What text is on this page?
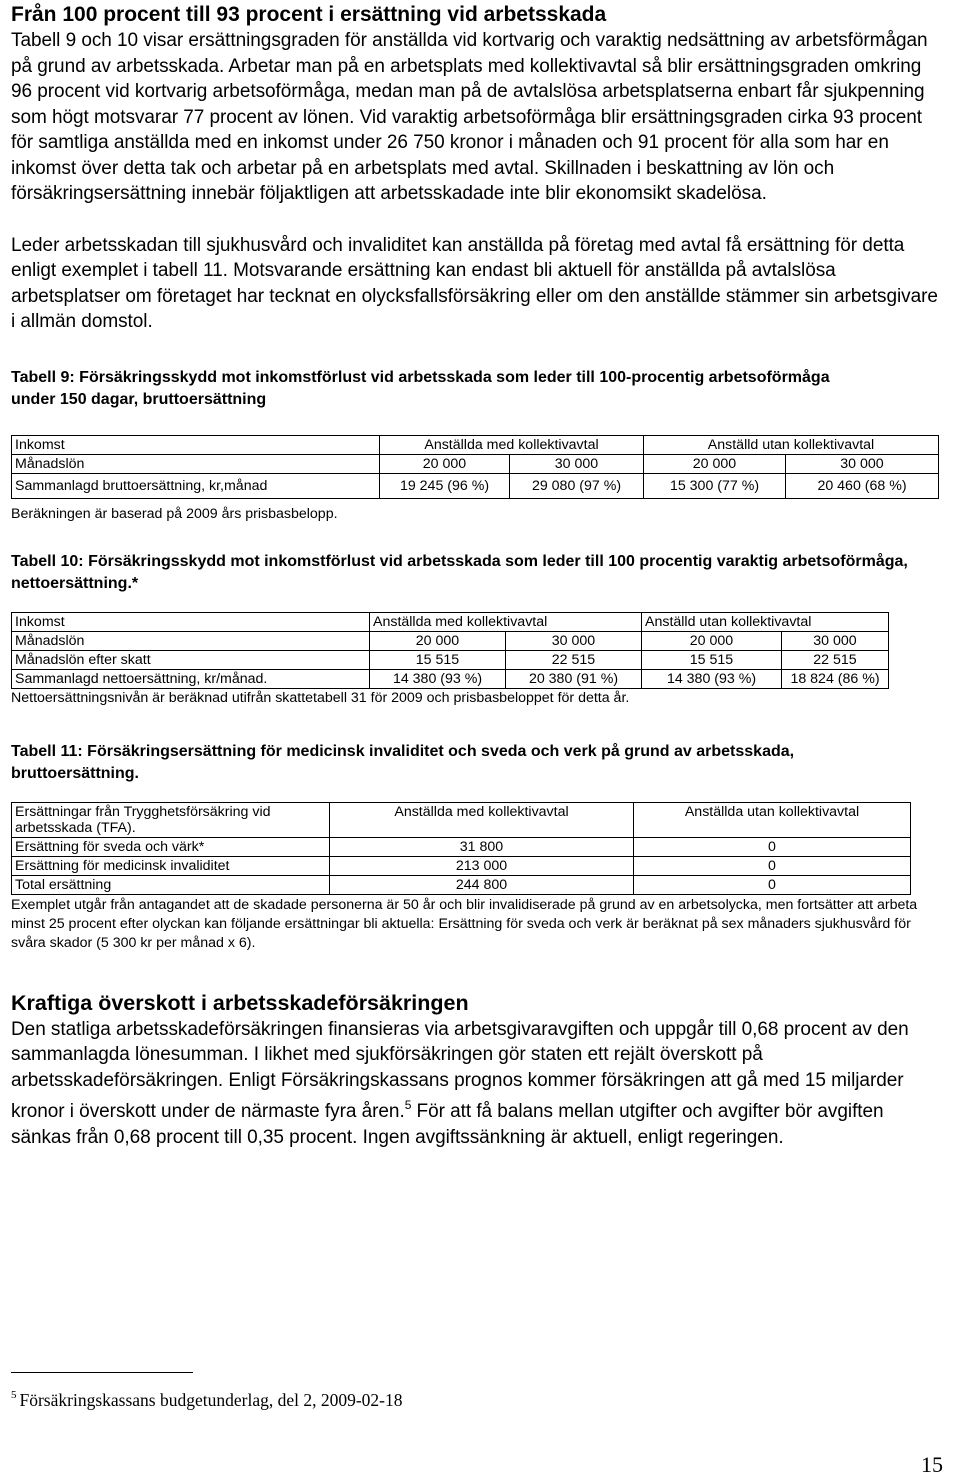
Från 100 procent till 93 procent i ersättning vid arbetsskada

Tabell 9 och 10 visar ersättningsgraden för anställda vid kortvarig och varaktig nedsättning av arbetsförmågan på grund av arbetsskada. Arbetar man på en arbetsplats med kollektivavtal så blir ersättningsgraden omkring 96 procent vid kortvarig arbetsoförmåga, medan man på de avtalslösa arbetsplatserna enbart får sjukpenning som högt motsvarar 77 procent av lönen. Vid varaktig arbetsoförmåga blir ersättningsgraden cirka 93 procent för samtliga anställda med en inkomst under 26 750 kronor i månaden och 91 procent för alla som har en inkomst över detta tak och arbetar på en arbetsplats med avtal. Skillnaden i beskattning av lön och försäkringsersättning innebär följaktligen att arbetsskadade inte blir ekonomsikt skadelösa.

Leder arbetsskadan till sjukhusvård och invaliditet kan anställda på företag med avtal få ersättning för detta enligt exemplet i tabell 11. Motsvarande ersättning kan endast bli aktuell för anställda på avtalslösa arbetsplatser om företaget har tecknat en olycksfallsförsäkring eller om den anställde stämmer sin arbetsgivare i allmän domstol.

Tabell 9: Försäkringsskydd mot inkomstförlust vid arbetsskada som leder till 100-procentig arbetsoförmåga under 150 dagar, bruttoersättning

Inkomst	Anställda med kollektivavtal		Anställd utan kollektivavtal	
Månadslön	20 000	30 000	20 000	30 000
Sammanlagd bruttoersättning, kr,månad	19 245 (96 %)	29 080 (97 %)	15 300 (77 %)	20 460 (68 %)

Beräkningen är baserad på 2009 års prisbasbelopp.

Tabell 10: Försäkringsskydd mot inkomstförlust vid arbetsskada som leder till 100 procentig varaktig arbetsoförmåga, nettoersättning.*

Inkomst	Anställda med kollektivavtal		Anställd utan kollektivavtal	
Månadslön	20 000	30 000	20 000	30 000
Månadslön efter skatt	15 515	22 515	15 515	22 515
Sammanlagd nettoersättning, kr/månad.	14 380 (93 %)	20 380 (91 %)	14 380 (93 %)	18 824 (86 %)

Nettoersättningsnivån är beräknad utifrån skattetabell 31 för 2009 och prisbasbeloppet för detta år.

Tabell 11: Försäkringsersättning för medicinsk invaliditet och sveda och verk på grund av arbetsskada, bruttoersättning.

Ersättningar från Trygghetsförsäkring vid arbetsskada (TFA).	Anställda med kollektivavtal	Anställda utan kollektivavtal
Ersättning för sveda och värk*	31 800	0
Ersättning för medicinsk invaliditet	213 000	0
Total ersättning	244 800	0

Exemplet utgår från antagandet att de skadade personerna är 50 år och blir invalidiserade på grund av en arbetsolycka, men fortsätter att arbeta minst 25 procent efter olyckan kan följande ersättningar bli aktuella: Ersättning för sveda och verk är beräknat på sex månaders sjukhusvård för svåra skador (5 300 kr per månad x 6).

Kraftiga överskott i arbetsskadeförsäkringen

Den statliga arbetsskadeförsäkringen finansieras via arbetsgivaravgiften och uppgår till 0,68 procent av den sammanlagda lönesumman. I likhet med sjukförsäkringen gör staten ett rejält överskott på arbetsskadeförsäkringen. Enligt Försäkringskassans prognos kommer försäkringen att gå med 15 miljarder kronor i överskott under de närmaste fyra åren.$^5$ För att få balans mellan utgifter och avgifter bör avgiften sänkas från 0,68 procent till 0,35 procent. Ingen avgiftssänkning är aktuell, enligt regeringen.

$^5$ Försäkringskassans budgetunderlag, del 2, 2009-02-18
15
